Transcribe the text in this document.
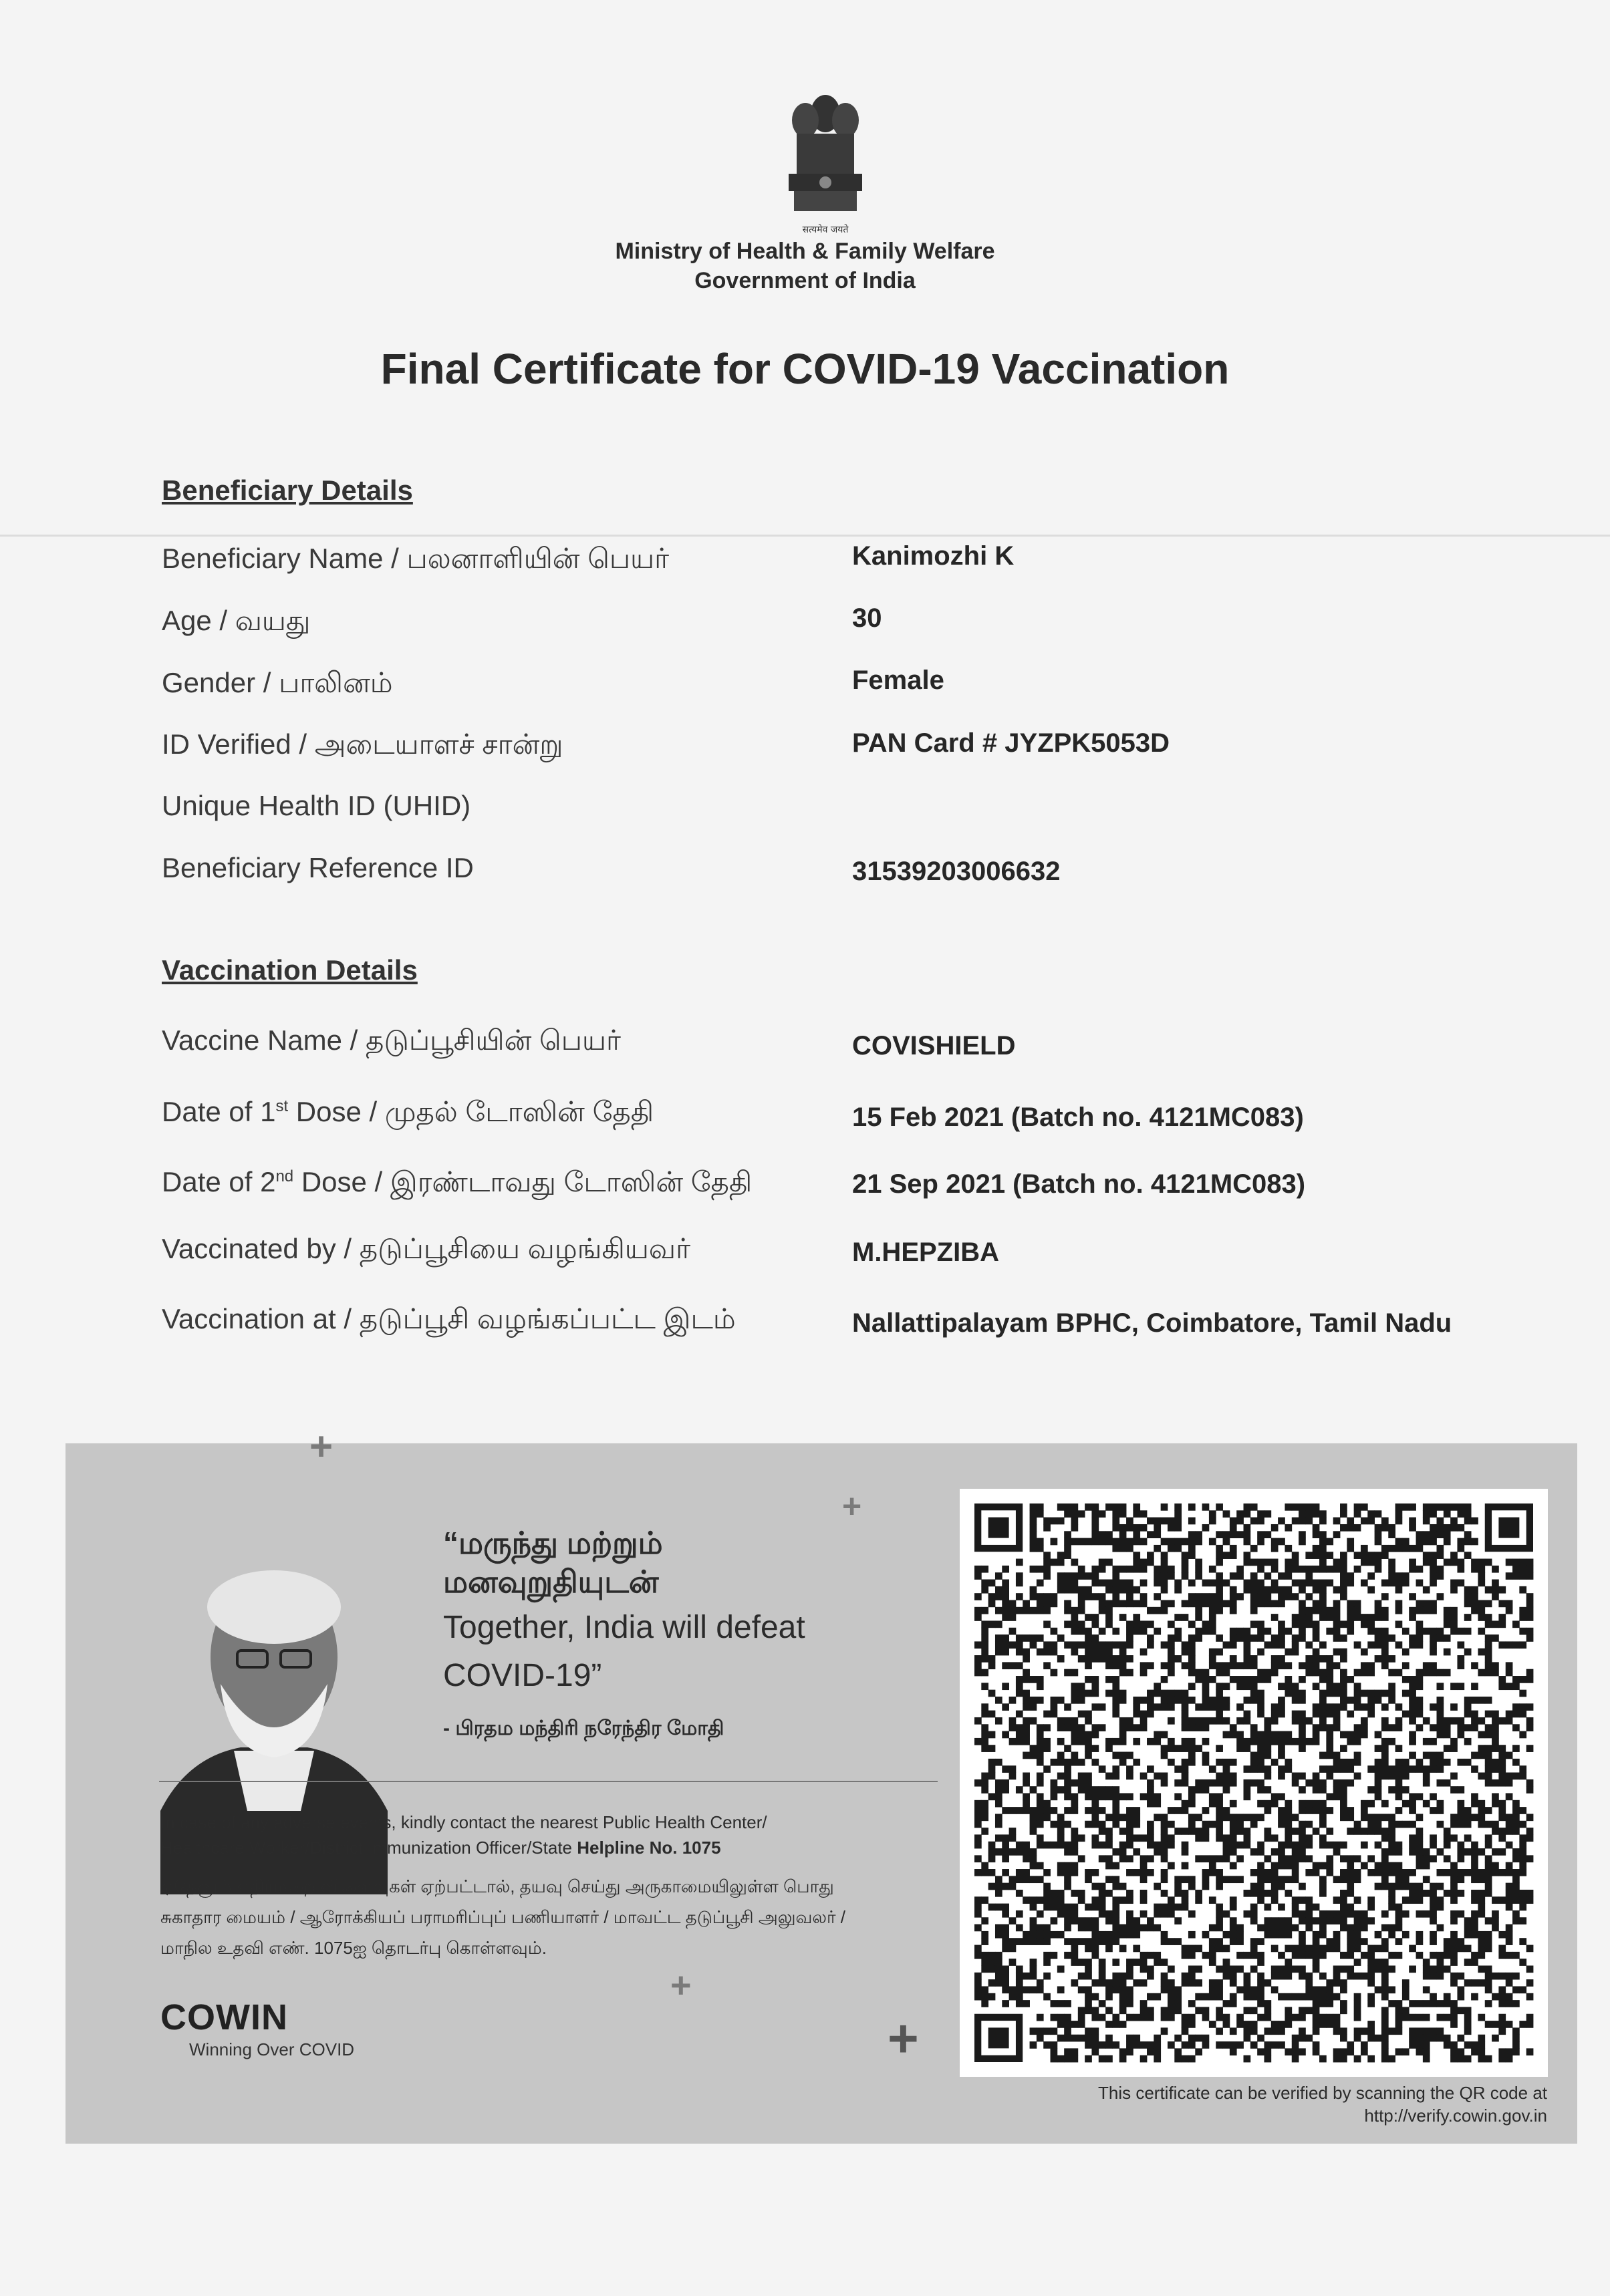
सत्यमेव जयते
Ministry of Health & Family Welfare
Government of India
Final Certificate for COVID-19 Vaccination
Beneficiary Details
Beneficiary Name / பலனாளியின் பெயர்	Kanimozhi K
Age / வயது	30
Gender / பாலினம்	Female
ID Verified / அடையாளச் சான்று	PAN Card # JYZPK5053D
Unique Health ID (UHID)
Beneficiary Reference ID	31539203006632
Vaccination Details
Vaccine Name / தடுப்பூசியின் பெயர்	COVISHIELD
Date of 1st Dose / முதல் டோஸின் தேதி	15 Feb 2021 (Batch no. 4121MC083)
Date of 2nd Dose / இரண்டாவது டோஸின் தேதி	21 Sep 2021 (Batch no. 4121MC083)
Vaccinated by / தடுப்பூசியை வழங்கியவர்	M.HEPZIBA
Vaccination at / தடுப்பூசி வழங்கப்பட்ட இடம்	Nallattipalayam BPHC, Coimbatore, Tamil Nadu
+
+
+
+
“மருந்து மற்றும்
மனவுறுதியுடன்
Together, India will defeat
COVID-19”
- பிரதம மந்திரி நரேந்திர மோதி
In case of any adverse events, kindly contact the nearest Public Health Center/
Healthcare Worker/District Immunization Officer/State Helpline No. 1075
ஏதேனும் எதிர்மறை விளைவுகள் ஏற்பட்டால், தயவு செய்து அருகாமையிலுள்ள பொது
சுகாதார மையம் / ஆரோக்கியப் பராமரிப்புப் பணியாளர் / மாவட்ட தடுப்பூசி அலுவலர் /
மாநில உதவி எண். 1075ஐ தொடர்பு கொள்ளவும்.
COWIN
Winning Over COVID
This certificate can be verified by scanning the QR code at
http://verify.cowin.gov.in
